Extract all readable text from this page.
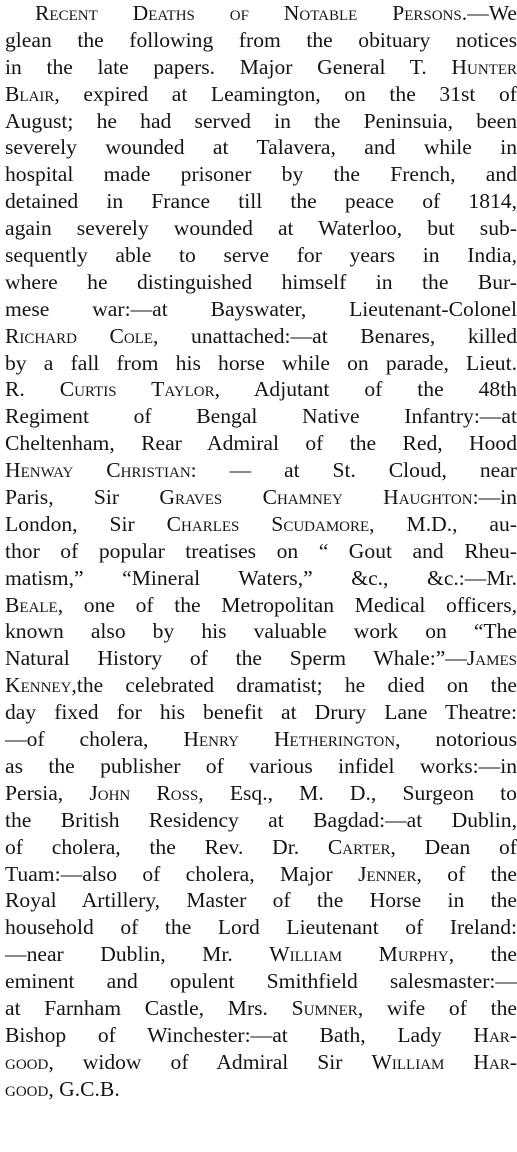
Recent Deaths of Notable Persons.—We
glean the following from the obituary notices
in the late papers. Major General T. Hunter
Blair, expired at Leamington, on the 31st of
August; he had served in the Peninsuia, been
severely wounded at Talavera, and while in
hospital made prisoner by the French, and
detained in France till the peace of 1814,
again severely wounded at Waterloo, but sub-
sequently able to serve for years in India,
where he distinguished himself in the Bur-
mese war:—at Bayswater, Lieutenant-Colonel
Richard Cole, unattached:—at Benares, killed
by a fall from his horse while on parade, Lieut.
R. Curtis Taylor, Adjutant of the 48th
Regiment of Bengal Native Infantry:—at
Cheltenham, Rear Admiral of the Red, Hood
Henway Christian: — at St. Cloud, near
Paris, Sir Graves Chamney Haughton:—in
London, Sir Charles Scudamore, M.D., au-
thor of popular treatises on “ Gout and Rheu-
matism,” “Mineral Waters,” &c., &c.:—Mr.
Beale, one of the Metropolitan Medical officers,
known also by his valuable work on “The
Natural History of the Sperm Whale:”—James
Kenney,the celebrated dramatist; he died on the
day fixed for his benefit at Drury Lane Theatre:
—of cholera, Henry Hetherington, notorious
as the publisher of various infidel works:—in
Persia, John Ross, Esq., M. D., Surgeon to
the British Residency at Bagdad:—at Dublin,
of cholera, the Rev. Dr. Carter, Dean of
Tuam:—also of cholera, Major Jenner, of the
Royal Artillery, Master of the Horse in the
household of the Lord Lieutenant of Ireland:
—near Dublin, Mr. William Murphy, the
eminent and opulent Smithfield salesmaster:—
at Farnham Castle, Mrs. Sumner, wife of the
Bishop of Winchester:—at Bath, Lady Har-
good, widow of Admiral Sir William Har-
good, G.C.B.
